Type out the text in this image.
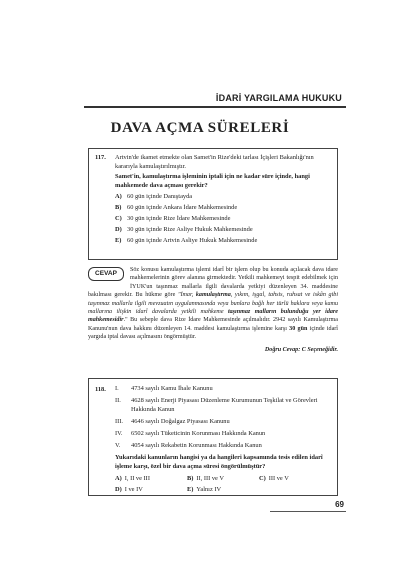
İDARİ YARGILAMA HUKUKU
DAVA AÇMA SÜRELERİ
117. Artvin'de ikamet etmekte olan Samet'in Rize'deki tarlası İçişleri Bakanlığı'nın kararıyla kamulaştırılmıştır.
Samet'in, kamulaştırma işleminin iptali için ne kadar süre içinde, hangi mahkemede dava açması gerekir?
A) 60 gün içinde Danıştayda
B) 60 gün içinde Ankara İdare Mahkemesinde
C) 30 gün içinde Rize İdare Mahkemesinde
D) 30 gün içinde Rize Asliye Hukuk Mahkemesinde
E) 60 gün içinde Artvin Asliye Hukuk Mahkemesinde
CEVAP	Söz konusu kamulaştırma işlemi idarî bir işlem olup bu konuda açılacak dava idare mahkemelerinin görev alanına girmektedir. Yetkili mahkemeyi tespit edebilmek için İYUK'un taşınmaz mallarla ilgili davalarda yetkiyi düzenleyen 34. maddesine bakılması gerekir. Bu hükme göre "İmar, kamulaştırma, yıkım, işgal, tahsis, ruhsat ve iskân gibi taşınmaz mallarla ilgili mevzuatın uygulanmasında veya bunlara bağlı her türlü haklara veya kamu mallarına ilişkin idarî davalarda yetkili mahkeme taşınmaz malların bulunduğu yer idare mahkemesidir." Bu sebeple dava Rize İdare Mahkemesinde açılmalıdır. 2942 sayılı Kamulaştırma Kanunu'nun dava hakkını düzenleyen 14. maddesi kamulaştırma işlemine karşı 30 gün içinde idarî yargıda iptal davası açılmasını öngörmüştür.
Doğru Cevap: C Seçeneğidir.
118. I.	4734 sayılı Kamu İhale Kanunu
II.	4628 sayılı Enerji Piyasası Düzenleme Kurumunun Teşkilat ve Görevleri Hakkında Kanun
III.	4646 sayılı Doğalgaz Piyasası Kanunu
IV.	6502 sayılı Tüketicinin Korunması Hakkında Kanun
V.	4054 sayılı Rekabetin Korunması Hakkında Kanun
Yukarıdaki kanunların hangisi ya da hangileri kapsamında tesis edilen idarî işleme karşı, özel bir dava açma süresi öngörülmüştür?
A) I, II ve III	B) II, III ve V	C) III ve V
D) I ve IV	E) Yalnız IV
69
